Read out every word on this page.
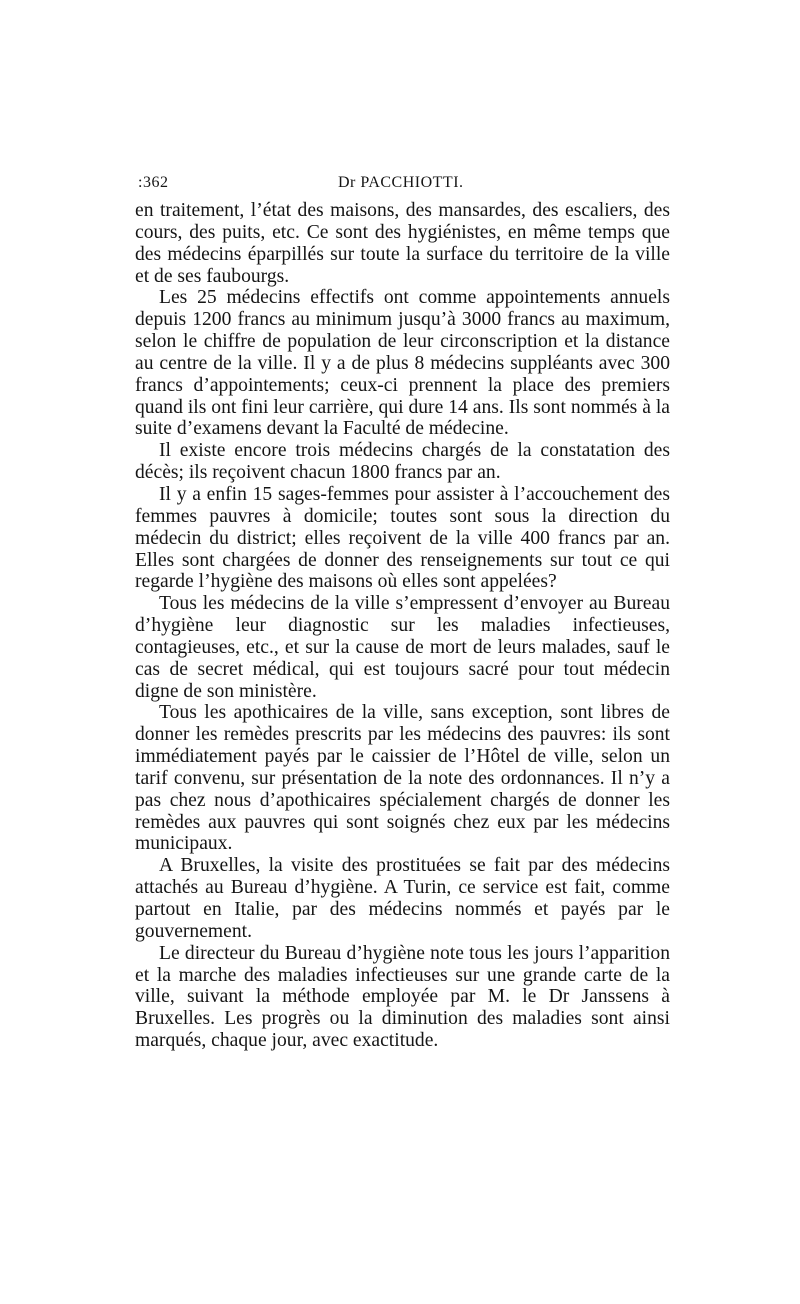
:362	Dr PACCHIOTTI.

en traitement, l’état des maisons, des mansardes, des escaliers, des cours, des puits, etc. Ce sont des hygiénistes, en même temps que des médecins éparpillés sur toute la surface du territoire de la ville et de ses faubourgs.

Les 25 médecins effectifs ont comme appointements annuels depuis 1200 francs au minimum jusqu’à 3000 francs au maximum, selon le chiffre de population de leur circonscription et la distance au centre de la ville. Il y a de plus 8 médecins suppléants avec 300 francs d’appointements; ceux-ci prennent la place des premiers quand ils ont fini leur carrière, qui dure 14 ans. Ils sont nommés à la suite d’examens devant la Faculté de médecine.

Il existe encore trois médecins chargés de la constatation des décès; ils reçoivent chacun 1800 francs par an.

Il y a enfin 15 sages-femmes pour assister à l’accouchement des femmes pauvres à domicile; toutes sont sous la direction du médecin du district; elles reçoivent de la ville 400 francs par an. Elles sont chargées de donner des renseignements sur tout ce qui regarde l’hygiène des maisons où elles sont appelées?

Tous les médecins de la ville s’empressent d’envoyer au Bureau d’hygiène leur diagnostic sur les maladies infectieuses, contagieuses, etc., et sur la cause de mort de leurs malades, sauf le cas de secret médical, qui est toujours sacré pour tout médecin digne de son ministère.

Tous les apothicaires de la ville, sans exception, sont libres de donner les remèdes prescrits par les médecins des pauvres: ils sont immédiatement payés par le caissier de l’Hôtel de ville, selon un tarif convenu, sur présentation de la note des ordonnances. Il n’y a pas chez nous d’apothicaires spécialement chargés de donner les remèdes aux pauvres qui sont soignés chez eux par les médecins municipaux.

A Bruxelles, la visite des prostituées se fait par des médecins attachés au Bureau d’hygiène. A Turin, ce service est fait, comme partout en Italie, par des médecins nommés et payés par le gouvernement.

Le directeur du Bureau d’hygiène note tous les jours l’apparition et la marche des maladies infectieuses sur une grande carte de la ville, suivant la méthode employée par M. le Dr Janssens à Bruxelles. Les progrès ou la diminution des maladies sont ainsi marqués, chaque jour, avec exactitude.
